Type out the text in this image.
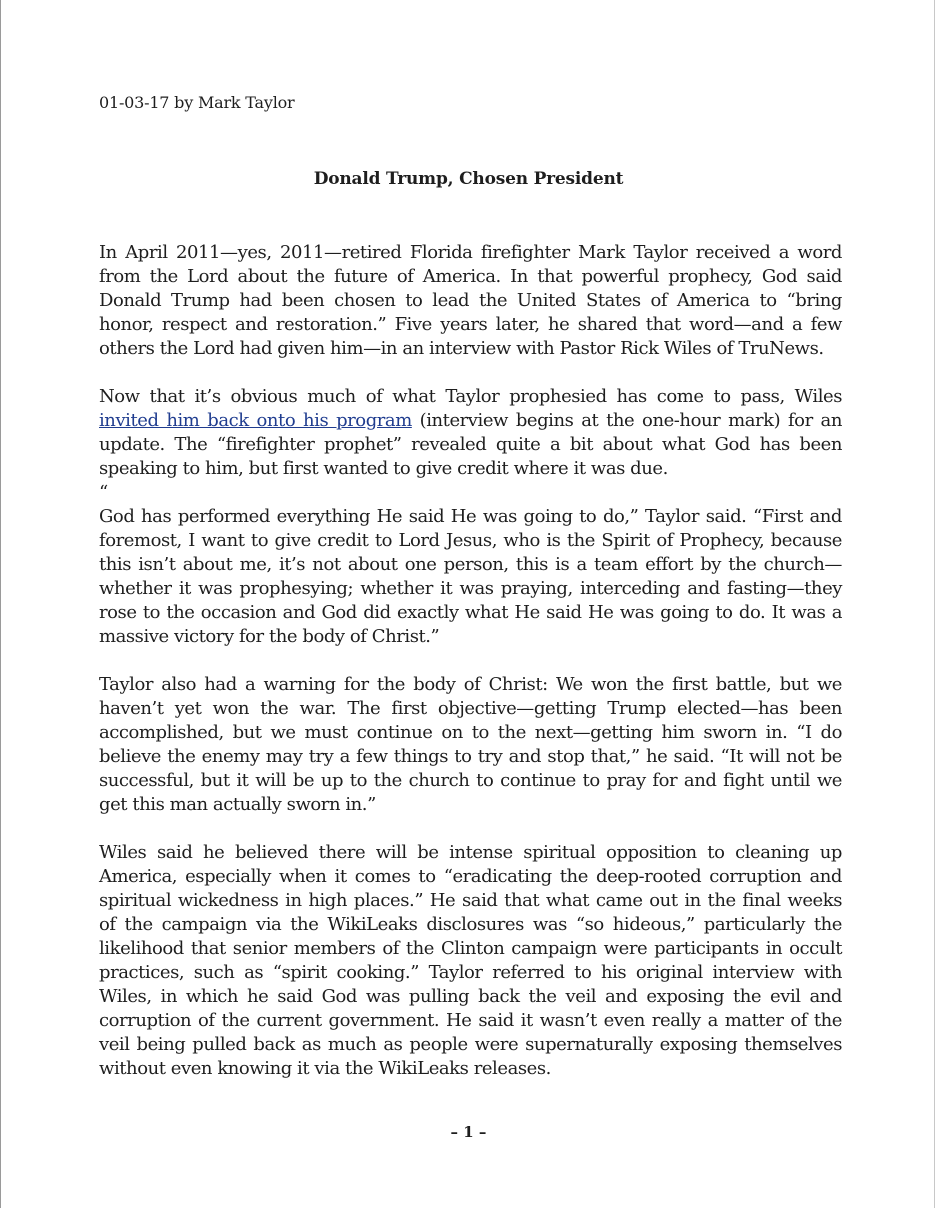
01-03-17 by Mark Taylor
Donald Trump, Chosen President

In April 2011—yes, 2011—retired Florida firefighter Mark Taylor received a word from the Lord about the future of America. In that powerful prophecy, God said Donald Trump had been chosen to lead the United States of America to “bring honor, respect and restoration.” Five years later, he shared that word—and a few others the Lord had given him—in an interview with Pastor Rick Wiles of TruNews.

Now that it’s obvious much of what Taylor prophesied has come to pass, Wiles invited him back onto his program (interview begins at the one-hour mark) for an update. The “firefighter prophet” revealed quite a bit about what God has been speaking to him, but first wanted to give credit where it was due.

“

God has performed everything He said He was going to do,” Taylor said. “First and foremost, I want to give credit to Lord Jesus, who is the Spirit of Prophecy, because this isn’t about me, it’s not about one person, this is a team effort by the church—whether it was prophesying; whether it was praying, interceding and fasting—they rose to the occasion and God did exactly what He said He was going to do. It was a massive victory for the body of Christ.”

Taylor also had a warning for the body of Christ: We won the first battle, but we haven’t yet won the war. The first objective—getting Trump elected—has been accomplished, but we must continue on to the next—getting him sworn in. “I do believe the enemy may try a few things to try and stop that,” he said. “It will not be successful, but it will be up to the church to continue to pray for and fight until we get this man actually sworn in.”

Wiles said he believed there will be intense spiritual opposition to cleaning up America, especially when it comes to “eradicating the deep-rooted corruption and spiritual wickedness in high places.” He said that what came out in the final weeks of the campaign via the WikiLeaks disclosures was “so hideous,” particularly the likelihood that senior members of the Clinton campaign were participants in occult practices, such as “spirit cooking.” Taylor referred to his original interview with Wiles, in which he said God was pulling back the veil and exposing the evil and corruption of the current government. He said it wasn’t even really a matter of the veil being pulled back as much as people were supernaturally exposing themselves without even knowing it via the WikiLeaks releases.

– 1 –
